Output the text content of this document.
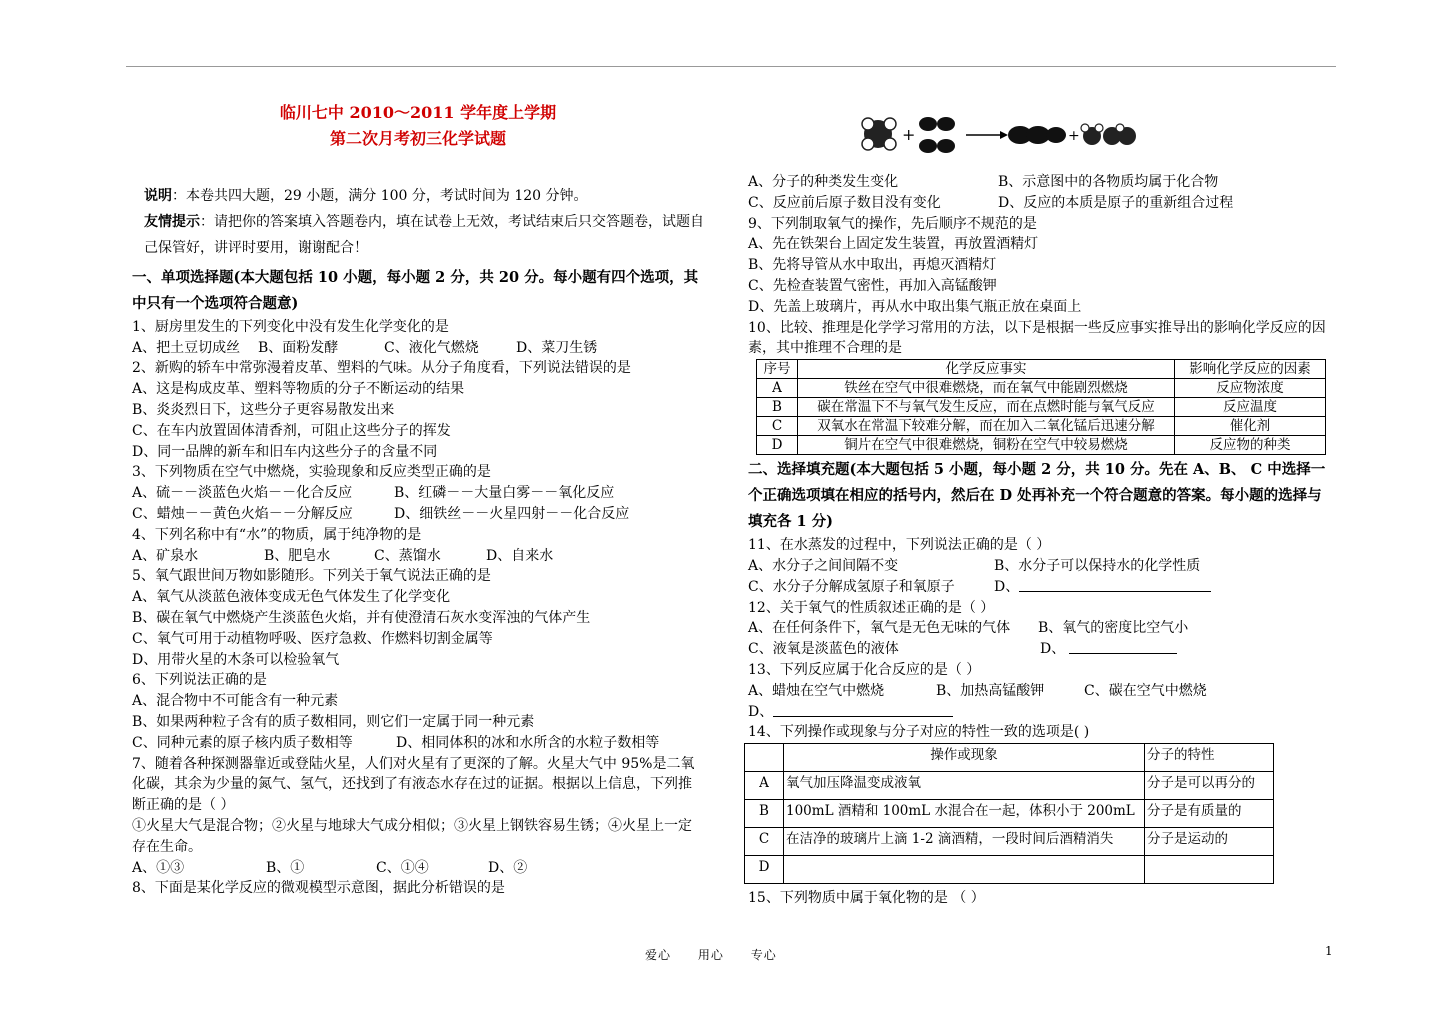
临川七中 2010～2011 学年度上学期
第二次月考初三化学试题
说明：本卷共四大题，29 小题，满分 100 分，考试时间为 120 分钟。
友情提示：请把你的答案填入答题卷内，填在试卷上无效，考试结束后只交答题卷，试题自己保管好，讲评时要用，谢谢配合！
一、单项选择题(本大题包括 10 小题，每小题 2 分，共 20 分。每小题有四个选项，其中只有一个选项符合题意)
1、厨房里发生的下列变化中没有发生化学变化的是
A、把土豆切成丝	B、面粉发酵	C、液化气燃烧	D、菜刀生锈
2、新购的轿车中常弥漫着皮革、塑料的气味。从分子角度看，下列说法错误的是
A、这是构成皮革、塑料等物质的分子不断运动的结果
B、炎炎烈日下，这些分子更容易散发出来
C、在车内放置固体清香剂，可阻止这些分子的挥发
D、同一品牌的新车和旧车内这些分子的含量不同
3、下列物质在空气中燃烧，实验现象和反应类型正确的是
A、硫－－淡蓝色火焰－－化合反应	B、红磷－－大量白雾－－氧化反应
C、蜡烛－－黄色火焰－－分解反应	D、细铁丝－－火星四射－－化合反应
4、下列名称中有“水”的物质，属于纯净物的是
A、矿泉水	B、肥皂水	C、蒸馏水	D、自来水
5、氧气跟世间万物如影随形。下列关于氧气说法正确的是
A、氧气从淡蓝色液体变成无色气体发生了化学变化
B、碳在氧气中燃烧产生淡蓝色火焰，并有使澄清石灰水变浑浊的气体产生
C、氧气可用于动植物呼吸、医疗急救、作燃料切割金属等
D、用带火星的木条可以检验氧气
6、下列说法正确的是
A、混合物中不可能含有一种元素
B、如果两种粒子含有的质子数相同，则它们一定属于同一种元素
C、同种元素的原子核内质子数相等	D、相同体积的冰和水所含的水粒子数相等
7、随着各种探测器靠近或登陆火星，人们对火星有了更深的了解。火星大气中 95%是二氧化碳，其余为少量的氮气、氢气，还找到了有液态水存在过的证据。根据以上信息，下列推断正确的是（ ）
①火星大气是混合物；②火星与地球大气成分相似；③火星上钢铁容易生锈；④火星上一定存在生命。
A、①③	B、①	C、①④	D、②
8、下面是某化学反应的微观模型示意图，据此分析错误的是
+	+
A、分子的种类发生变化	B、示意图中的各物质均属于化合物
C、反应前后原子数目没有变化	D、反应的本质是原子的重新组合过程
9、下列制取氧气的操作，先后顺序不规范的是
A、先在铁架台上固定发生装置，再放置酒精灯
B、先将导管从水中取出，再熄灭酒精灯
C、先检查装置气密性，再加入高锰酸钾
D、先盖上玻璃片，再从水中取出集气瓶正放在桌面上
10、比较、推理是化学学习常用的方法，以下是根据一些反应事实推导出的影响化学反应的因素，其中推理不合理的是
序号	化学反应事实	影响化学反应的因素
A	铁丝在空气中很难燃烧，而在氧气中能剧烈燃烧	反应物浓度
B	碳在常温下不与氧气发生反应，而在点燃时能与氧气反应	反应温度
C	双氧水在常温下较难分解，而在加入二氧化锰后迅速分解	催化剂
D	铜片在空气中很难燃烧，铜粉在空气中较易燃烧	反应物的种类
二、选择填充题(本大题包括 5 小题，每小题 2 分，共 10 分。先在 A、B、 C 中选择一个正确选项填在相应的括号内，然后在 D 处再补充一个符合题意的答案。每小题的选择与填充各 1 分)
11、在水蒸发的过程中，下列说法正确的是（ ）
A、水分子之间间隔不变	B、水分子可以保持水的化学性质
C、水分子分解成氢原子和氧原子	D、
12、关于氧气的性质叙述正确的是（ ）
A、在任何条件下，氧气是无色无味的气体	B、氧气的密度比空气小
C、液氧是淡蓝色的液体	D、
13、下列反应属于化合反应的是（ ）
A、蜡烛在空气中燃烧	B、加热高锰酸钾	C、碳在空气中燃烧
D、
14、下列操作或现象与分子对应的特性一致的选项是( )
	操作或现象	分子的特性
A	氧气加压降温变成液氧	分子是可以再分的
B	100mL 酒精和 100mL 水混合在一起，体积小于 200mL	分子是有质量的
C	在洁净的玻璃片上滴 1-2 滴酒精，一段时间后酒精消失	分子是运动的
D		
15、下列物质中属于氧化物的是 （ ）
爱心 用心 专心	1
